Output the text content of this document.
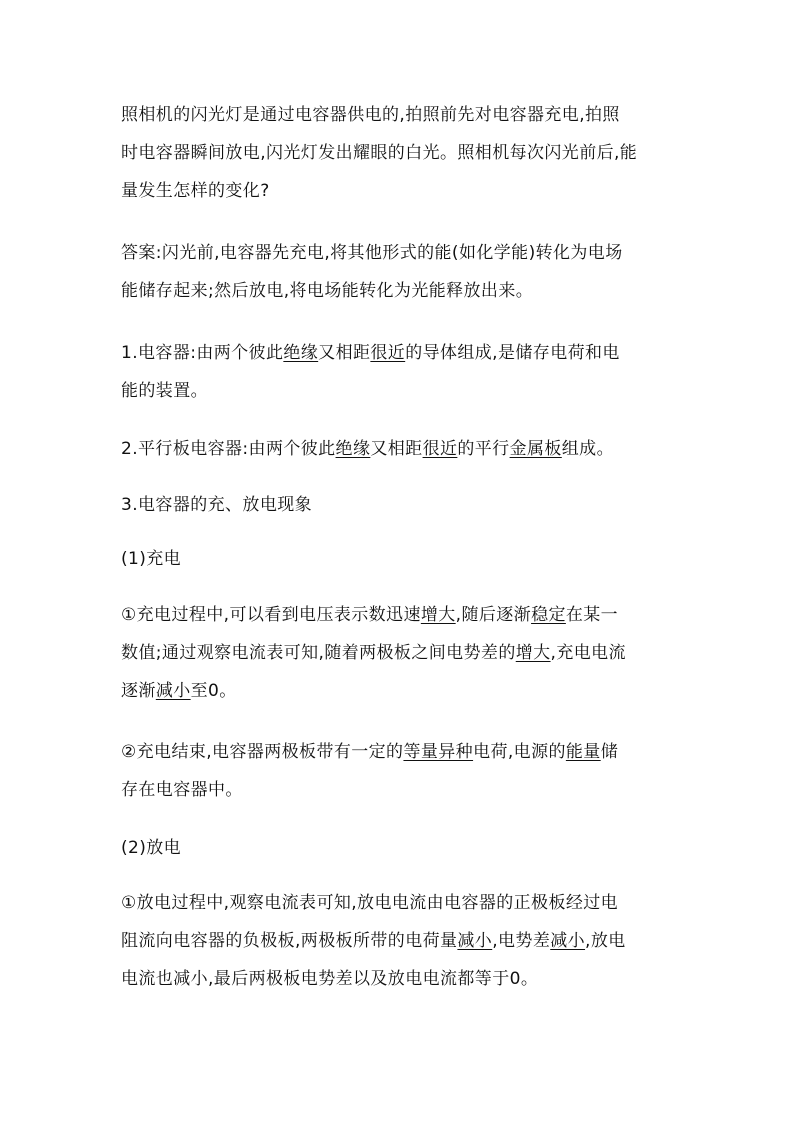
照相机的闪光灯是通过电容器供电的,拍照前先对电容器充电,拍照
时电容器瞬间放电,闪光灯发出耀眼的白光。照相机每次闪光前后,能
量发生怎样的变化?

答案:闪光前,电容器先充电,将其他形式的能(如化学能)转化为电场
能储存起来;然后放电,将电场能转化为光能释放出来。

1.电容器:由两个彼此绝缘又相距很近的导体组成,是储存电荷和电
能的装置。

2.平行板电容器:由两个彼此绝缘又相距很近的平行金属板组成。

3.电容器的充、放电现象

(1)充电

①充电过程中,可以看到电压表示数迅速增大,随后逐渐稳定在某一
数值;通过观察电流表可知,随着两极板之间电势差的增大,充电电流
逐渐减小至0。

②充电结束,电容器两极板带有一定的等量异种电荷,电源的能量储
存在电容器中。

(2)放电

①放电过程中,观察电流表可知,放电电流由电容器的正极板经过电
阻流向电容器的负极板,两极板所带的电荷量减小,电势差减小,放电
电流也减小,最后两极板电势差以及放电电流都等于0。
